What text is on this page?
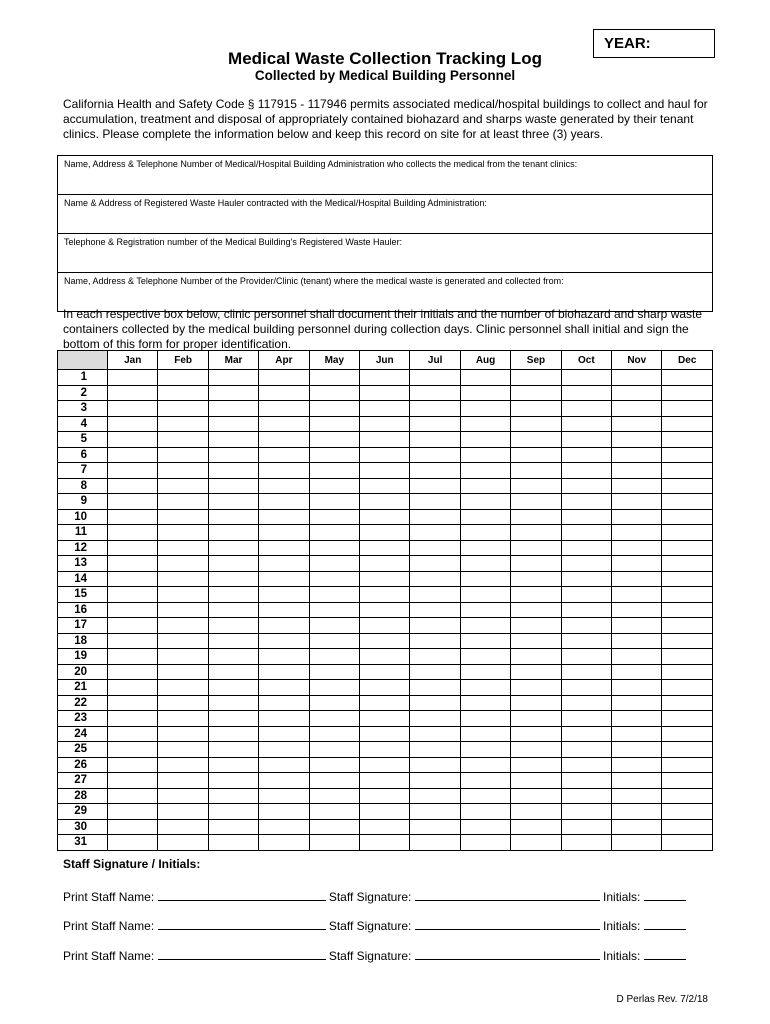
YEAR:
Medical Waste Collection Tracking Log
Collected by Medical Building Personnel
California Health and Safety Code § 117915 - 117946 permits associated medical/hospital buildings to collect and haul for accumulation, treatment and disposal of appropriately contained biohazard and sharps waste generated by their tenant clinics. Please complete the information below and keep this record on site for at least three (3) years.
Name, Address & Telephone Number of Medical/Hospital Building Administration who collects the medical from the tenant clinics:
Name & Address of Registered Waste Hauler contracted with the Medical/Hospital Building Administration:
Telephone & Registration number of the Medical Building's Registered Waste Hauler:
Name, Address & Telephone Number of the Provider/Clinic (tenant) where the medical waste is generated and collected from:
In each respective box below, clinic personnel shall document their initials and the number of biohazard and sharp waste containers collected by the medical building personnel during collection days. Clinic personnel shall initial and sign the bottom of this form for proper identification.
	Jan	Feb	Mar	Apr	May	Jun	Jul	Aug	Sep	Oct	Nov	Dec
1												
2												
3												
4												
5												
6												
7												
8												
9												
10												
11												
12												
13												
14												
15												
16												
17												
18												
19												
20												
21												
22												
23												
24												
25												
26												
27												
28												
29												
30												
31												
Staff Signature / Initials:
Print Staff Name:	Staff Signature:	Initials:
Print Staff Name:	Staff Signature:	Initials:
Print Staff Name:	Staff Signature:	Initials:
D Perlas Rev. 7/2/18
